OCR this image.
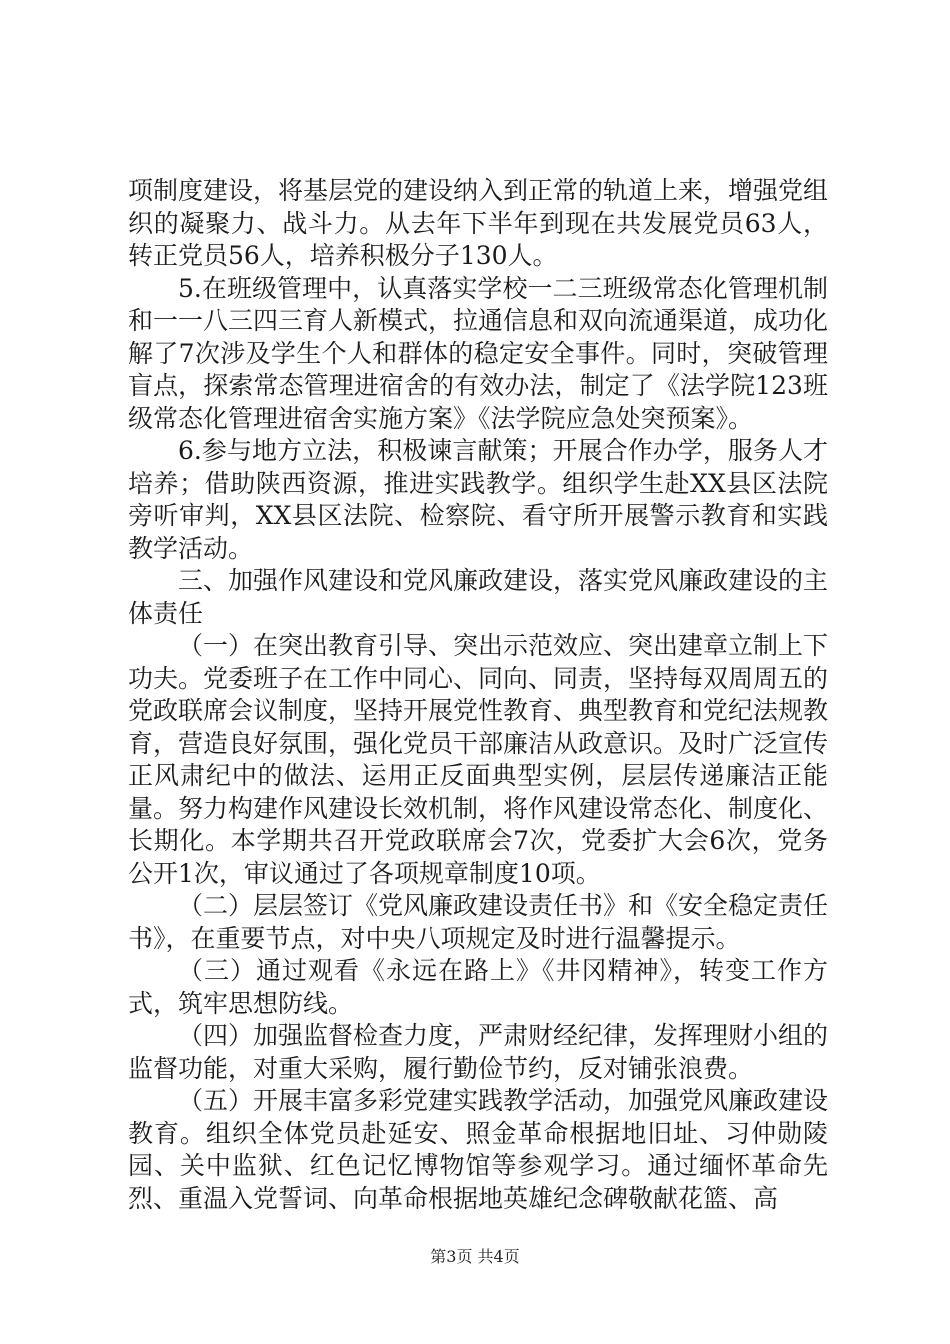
项制度建设，将基层党的建设纳入到正常的轨道上来，增强党组织的凝聚力、战斗力。从去年下半年到现在共发展党员63人，转正党员56人，培养积极分子130人。

5.在班级管理中，认真落实学校一二三班级常态化管理机制和一一八三四三育人新模式，拉通信息和双向流通渠道，成功化解了7次涉及学生个人和群体的稳定安全事件。同时，突破管理盲点，探索常态管理进宿舍的有效办法，制定了《法学院123班级常态化管理进宿舍实施方案》《法学院应急处突预案》。

6.参与地方立法，积极谏言献策；开展合作办学，服务人才培养；借助陕西资源，推进实践教学。组织学生赴XX县区法院旁听审判，XX县区法院、检察院、看守所开展警示教育和实践教学活动。

三、加强作风建设和党风廉政建设，落实党风廉政建设的主体责任

（一）在突出教育引导、突出示范效应、突出建章立制上下功夫。党委班子在工作中同心、同向、同责，坚持每双周周五的党政联席会议制度，坚持开展党性教育、典型教育和党纪法规教育，营造良好氛围，强化党员干部廉洁从政意识。及时广泛宣传正风肃纪中的做法、运用正反面典型实例，层层传递廉洁正能量。努力构建作风建设长效机制，将作风建设常态化、制度化、长期化。本学期共召开党政联席会7次，党委扩大会6次，党务公开1次，审议通过了各项规章制度10项。

（二）层层签订《党风廉政建设责任书》和《安全稳定责任书》，在重要节点，对中央八项规定及时进行温馨提示。

（三）通过观看《永远在路上》《井冈精神》，转变工作方式，筑牢思想防线。

（四）加强监督检查力度，严肃财经纪律，发挥理财小组的监督功能，对重大采购，履行勤俭节约，反对铺张浪费。

（五）开展丰富多彩党建实践教学活动，加强党风廉政建设教育。组织全体党员赴延安、照金革命根据地旧址、习仲勋陵园、关中监狱、红色记忆博物馆等参观学习。通过缅怀革命先烈、重温入党誓词、向革命根据地英雄纪念碑敬献花篮、高

第3页 共4页
